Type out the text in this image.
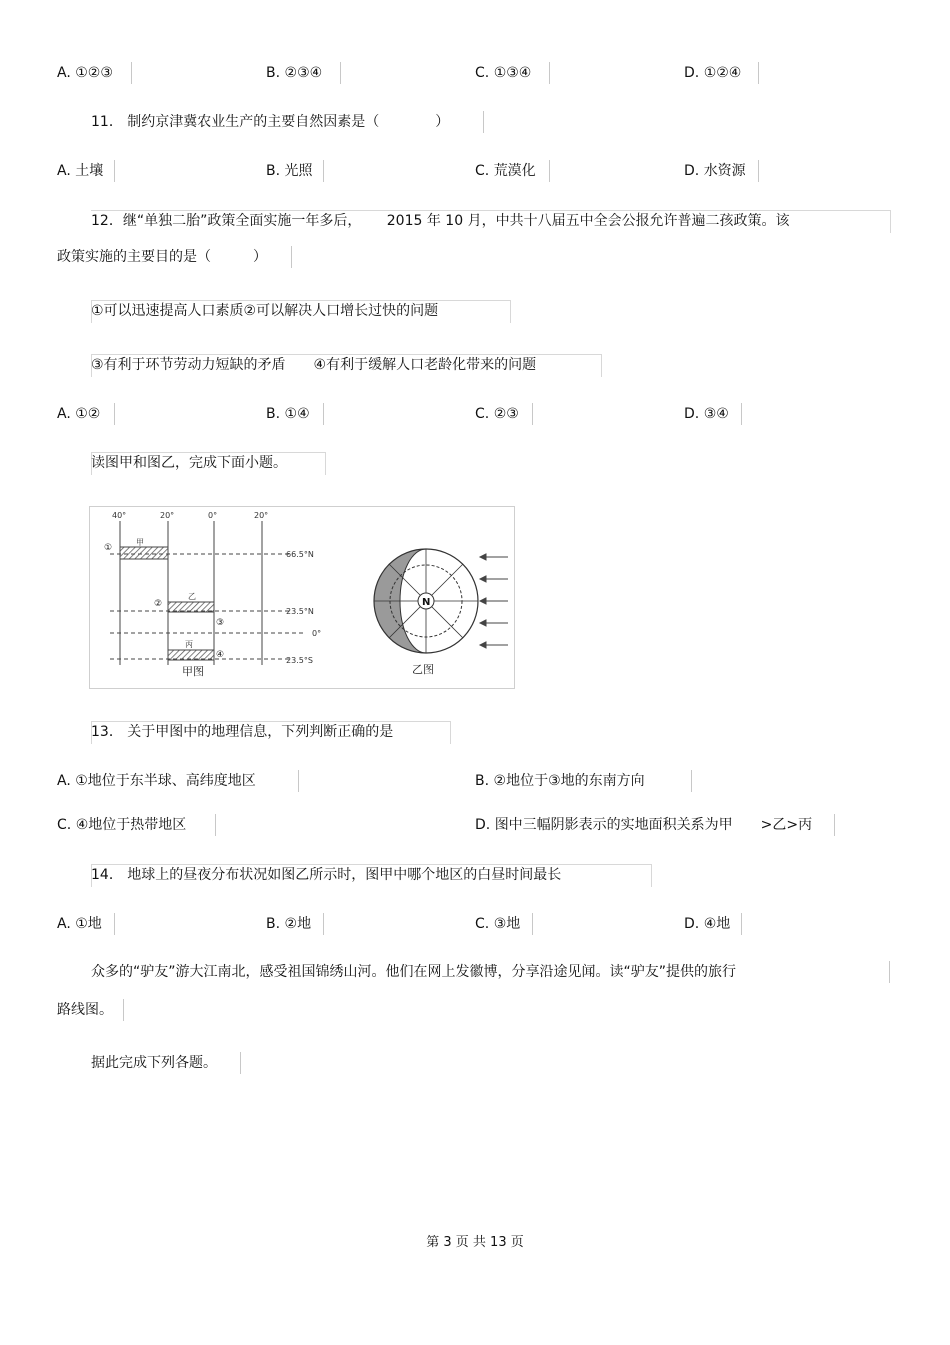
A. ①②③	B. ②③④	C. ①③④	D. ①②④
11． 制约京津冀农业生产的主要自然因素是（　　　　）
A. 土壤	B. 光照	C. 荒漠化	D. 水资源
12．继“单独二胎”政策全面实施一年多后，　　 2015 年 10 月，中共十八届五中全会公报允许普遍二孩政策。该
政策实施的主要目的是（　　　）
①可以迅速提高人口素质②可以解决人口增长过快的问题
③有利于环节劳动力短缺的矛盾　　④有利于缓解人口老龄化带来的问题
A. ①②	B. ①④	C. ②③	D. ③④
读图甲和图乙，完成下面小题。
40°	20°	0°	20°
66.5°N
23.5°N
0°
23.5°S
甲
乙
丙
①
②
③
④
甲图
N
乙图
13． 关于甲图中的地理信息，下列判断正确的是
A. ①地位于东半球、高纬度地区	B. ②地位于③地的东南方向
C. ④地位于热带地区	D. 图中三幅阴影表示的实地面积关系为甲　　>乙>丙
14． 地球上的昼夜分布状况如图乙所示时，图甲中哪个地区的白昼时间最长
A. ①地	B. ②地	C. ③地	D. ④地
众多的“驴友”游大江南北，感受祖国锦绣山河。他们在网上发徽博，分享沿途见闻。读“驴友”提供的旅行
路线图。
据此完成下列各题。
第 3 页 共 13 页
